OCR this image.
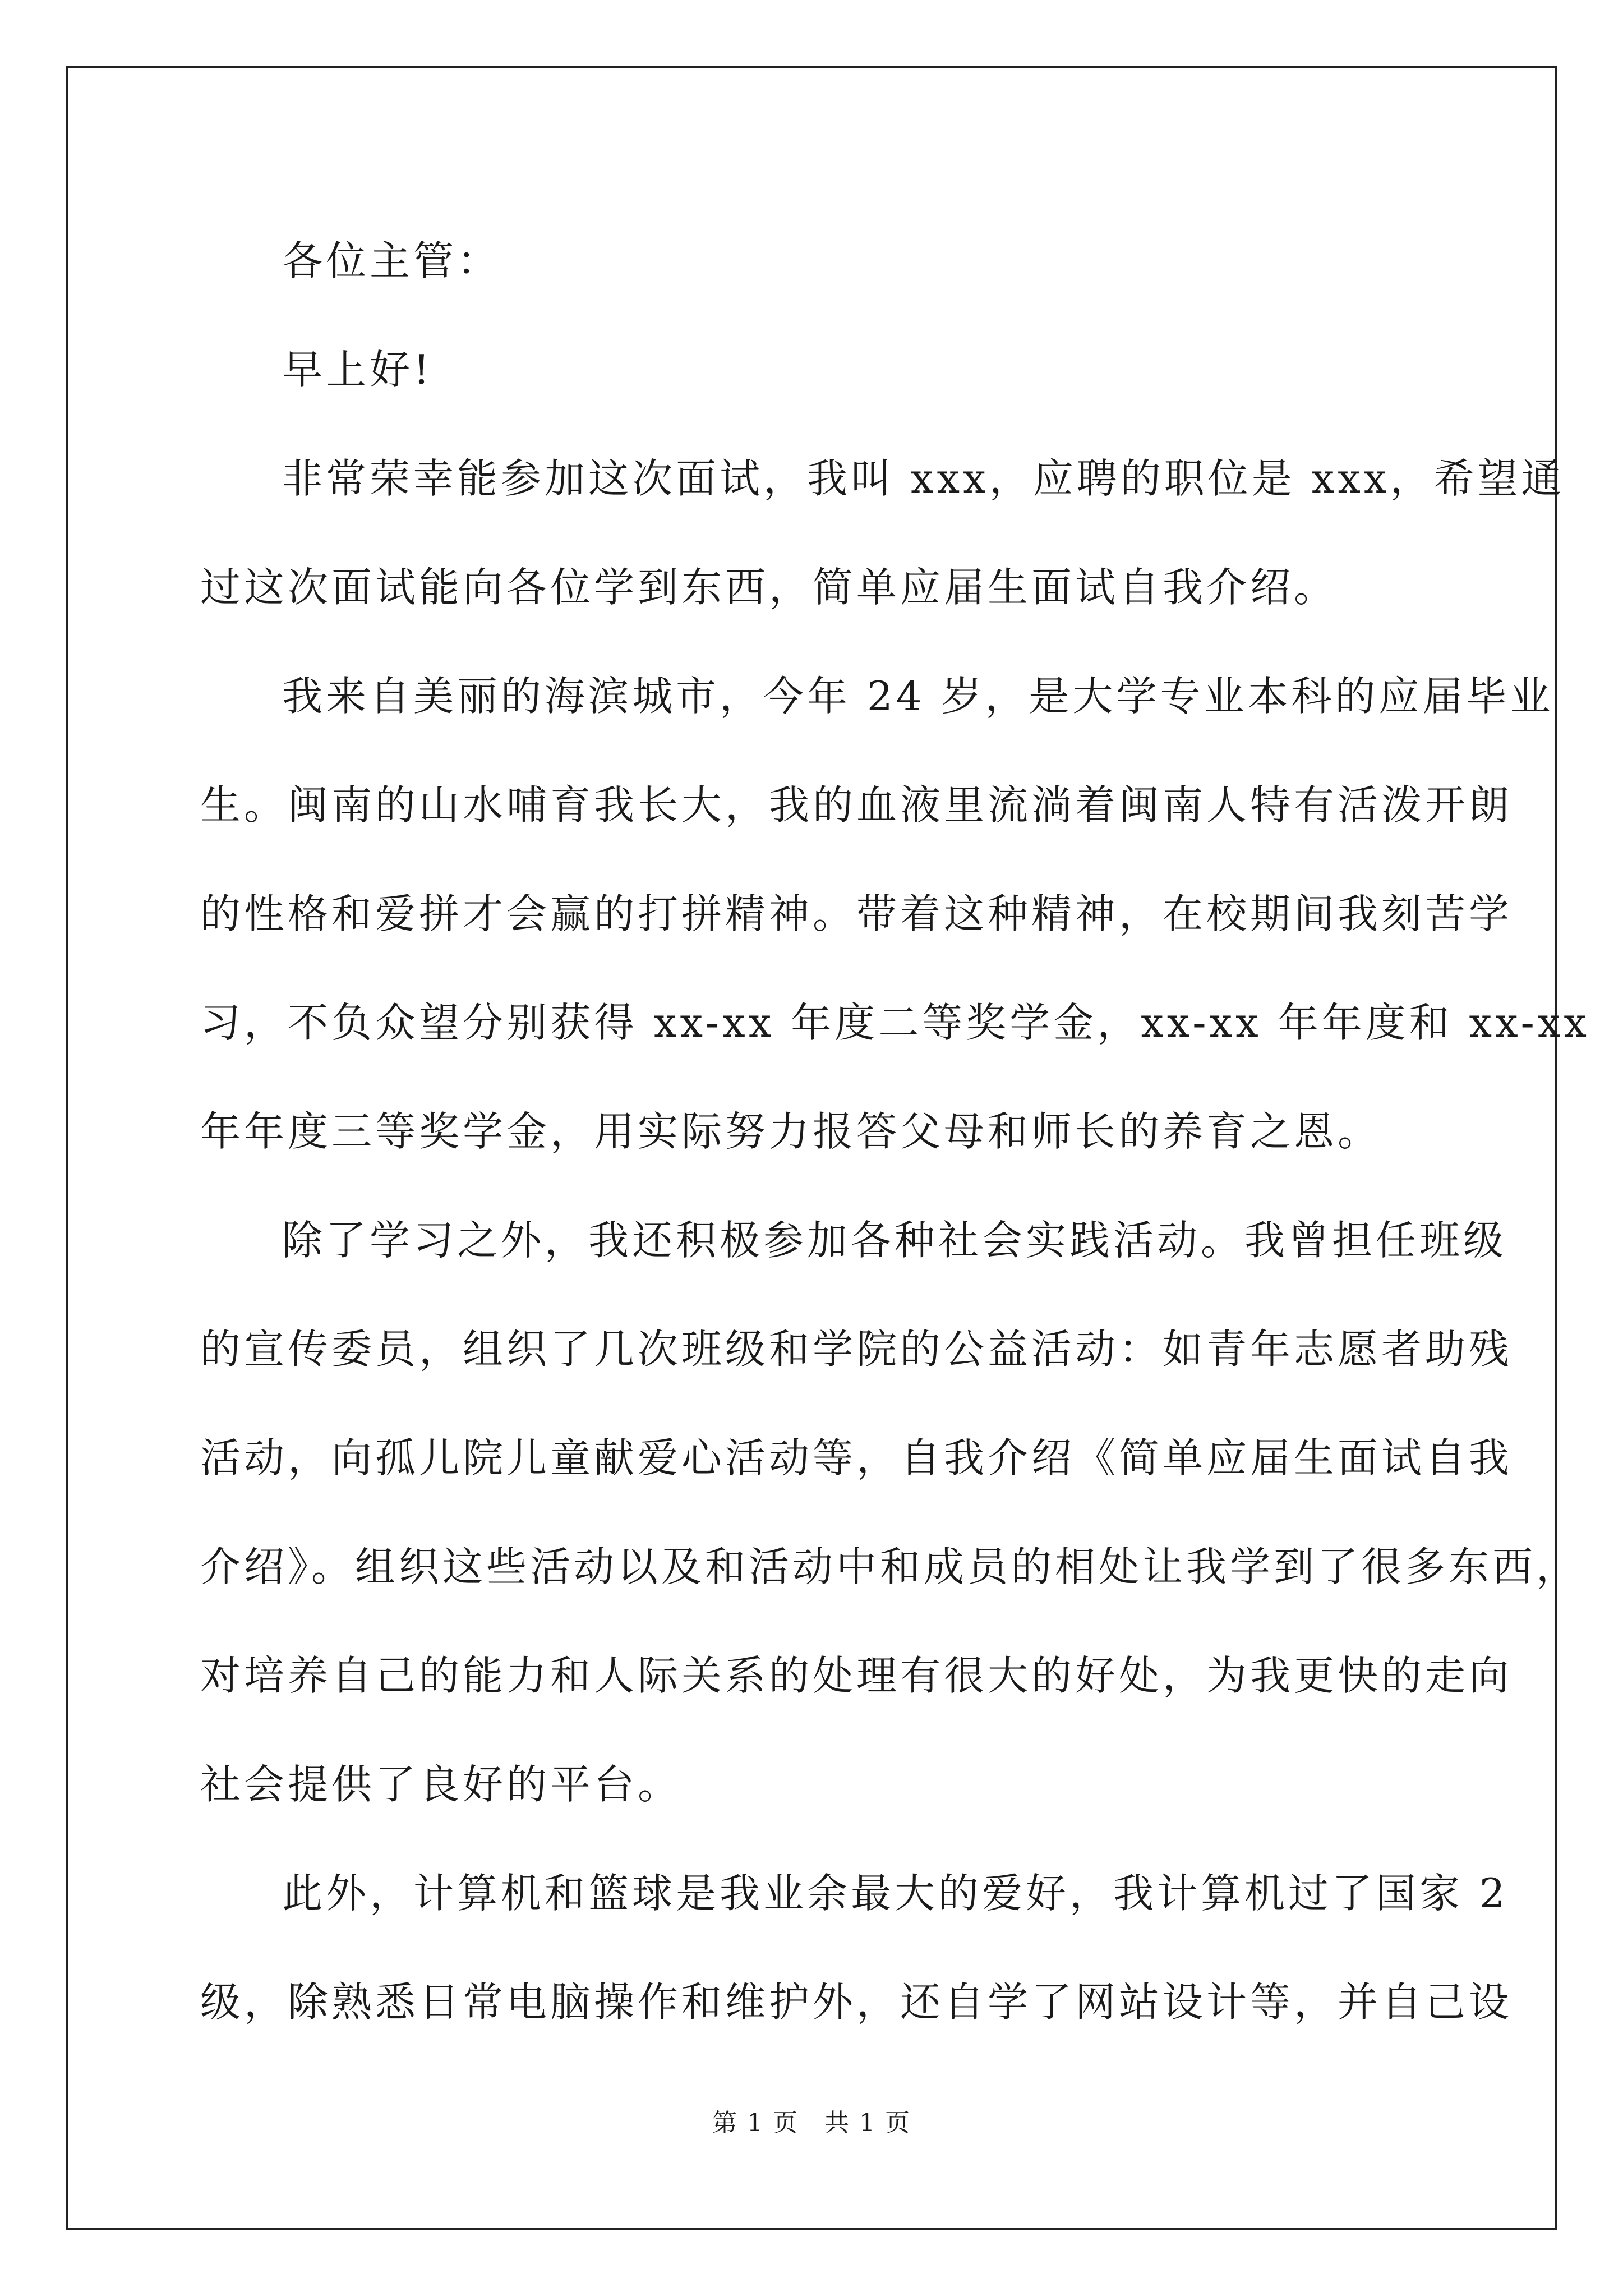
各位主管：
早上好!
非常荣幸能参加这次面试，我叫 xxx，应聘的职位是 xxx，希望通
过这次面试能向各位学到东西，简单应届生面试自我介绍。
我来自美丽的海滨城市，今年 24 岁，是大学专业本科的应届毕业
生。闽南的山水哺育我长大，我的血液里流淌着闽南人特有活泼开朗
的性格和爱拼才会赢的打拼精神。带着这种精神，在校期间我刻苦学
习，不负众望分别获得 xx-xx 年度二等奖学金，xx-xx 年年度和 xx-xx
年年度三等奖学金，用实际努力报答父母和师长的养育之恩。
除了学习之外，我还积极参加各种社会实践活动。我曾担任班级
的宣传委员，组织了几次班级和学院的公益活动：如青年志愿者助残
活动，向孤儿院儿童献爱心活动等，自我介绍《简单应届生面试自我
介绍》。组织这些活动以及和活动中和成员的相处让我学到了很多东西，
对培养自己的能力和人际关系的处理有很大的好处，为我更快的走向
社会提供了良好的平台。
此外，计算机和篮球是我业余最大的爱好，我计算机过了国家 2
级，除熟悉日常电脑操作和维护外，还自学了网站设计等，并自己设
第 1 页　共 1 页
